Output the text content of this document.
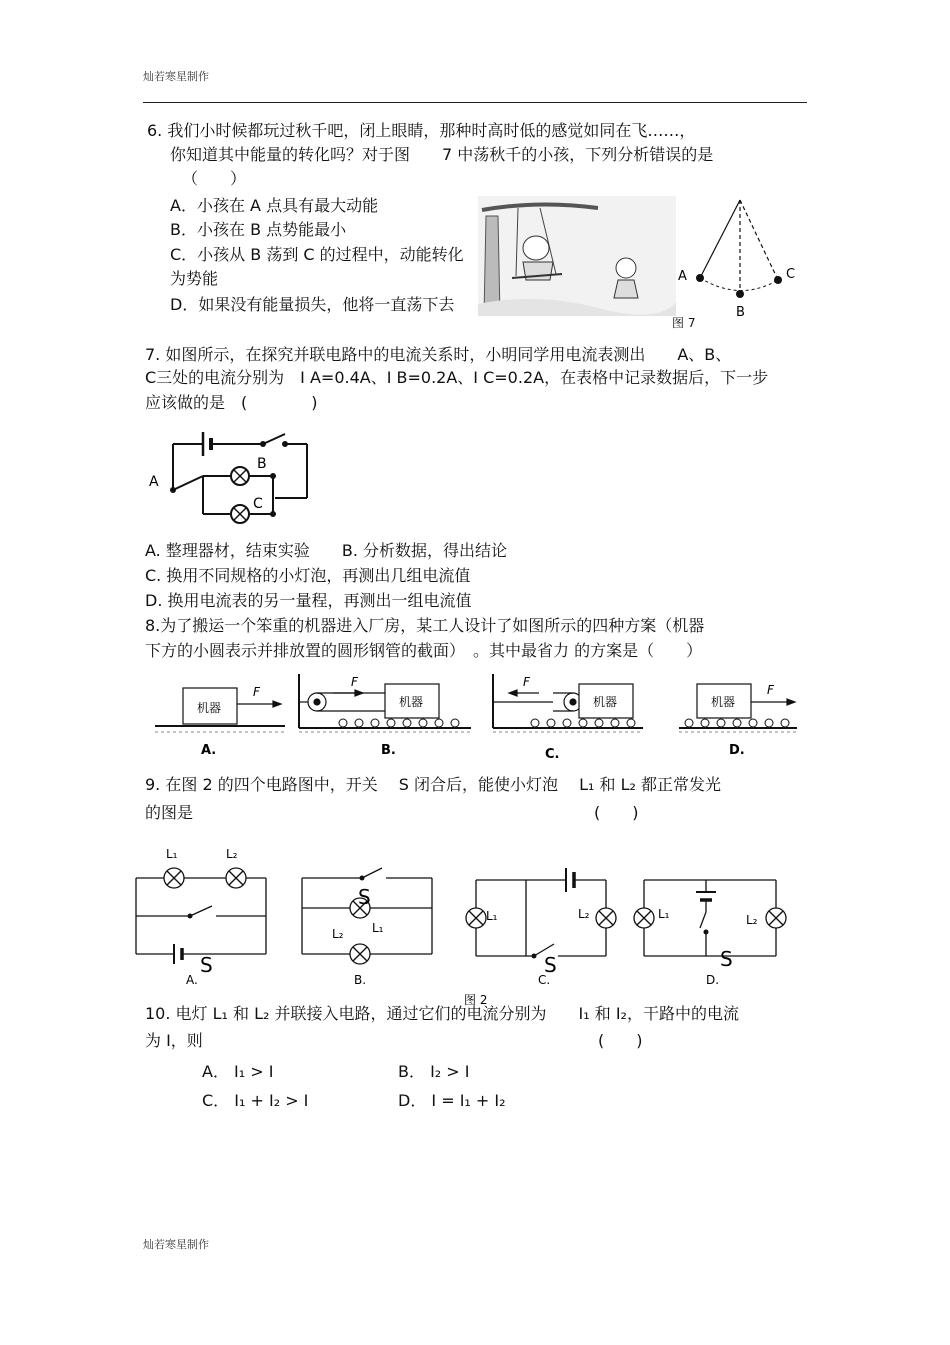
灿若寒星制作
6. 我们小时候都玩过秋千吧，闭上眼睛，那种时高时低的感觉如同在飞……，
你知道其中能量的转化吗？对于图　　7 中荡秋千的小孩，下列分析错误的是
（　　）
A．小孩在 A 点具有最大动能
B．小孩在 B 点势能最小
C．小孩从 B 荡到 C 的过程中，动能转化
为势能
D．如果没有能量损失，他将一直荡下去
A
B
C
图 7
7. 如图所示，在探究并联电路中的电流关系时，小明同学用电流表测出　　A、B、
C三处的电流分别为　I A=0.4A、I B=0.2A、I C=0.2A，在表格中记录数据后，下一步
应该做的是　(　　　　)
A
B
C
A. 整理器材，结束实验　　B. 分析数据，得出结论
C. 换用不同规格的小灯泡，再测出几组电流值
D. 换用电流表的另一量程，再测出一组电流值
8.为了搬运一个笨重的机器进入厂房，某工人设计了如图所示的四种方案（机器
下方的小圆表示并排放置的圆形钢管的截面）　。其中最省力 的方案是（　　）
机器	机器	机器	机器
F
F	F
F
A.	B.	C.	D.
9. 在图 2 的四个电路图中，开关　 S 闭合后，能使小灯泡　 L₁ 和 L₂ 都正常发光
的图是	(　　)
L₁	L₂
S
A.
S
L₁
L₂
B.
L₁	L₂
S
C.
L₁	L₂
S
D.
图 2
10. 电灯 L₁ 和 L₂ 并联接入电路，通过它们的电流分别为　　I₁ 和 I₂，干路中的电流
为 I，则	(　　)
A． I₁ > I	B． I₂ > I
C． I₁ + I₂ > I	D． I = I₁ + I₂
灿若寒星制作
